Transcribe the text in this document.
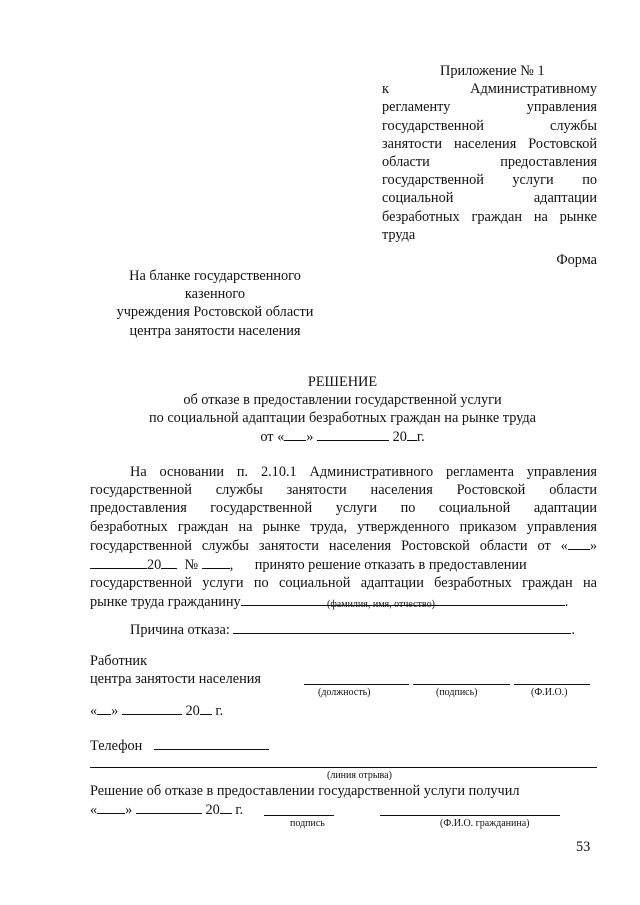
Приложение № 1
к Административному
регламенту управления
государственной службы
занятости населения Ростовской
области предоставления
государственной услуги по
социальной адаптации
безработных граждан на рынке
труда
Форма
На бланке государственного
казенного
учреждения Ростовской области
центра занятости населения
РЕШЕНИЕ
об отказе в предоставлении государственной услуги
по социальной адаптации безработных граждан на рынке труда
от « »	20 г.
На основании п. 2.10.1 Административного регламента управления
государственной службы занятости населения Ростовской области
предоставления государственной услуги по социальной адаптации
безработных граждан на рынке труда, утвержденного приказом управления
государственной службы занятости населения Ростовской области от « »
20 № , принято решение отказать в предоставлении
государственной услуги по социальной адаптации безработных граждан на
рынке труда гражданину	.
(фамилия, имя, отчество)
Причина отказа:	.
Работник
центра занятости населения
(должность)	(подпись)	(Ф.И.О.)
« »	20 г.
Телефон
(линия отрыва)
Решение об отказе в предоставлении государственной услуги получил
« »	20 г.
подпись	(Ф.И.О. гражданина)
53
